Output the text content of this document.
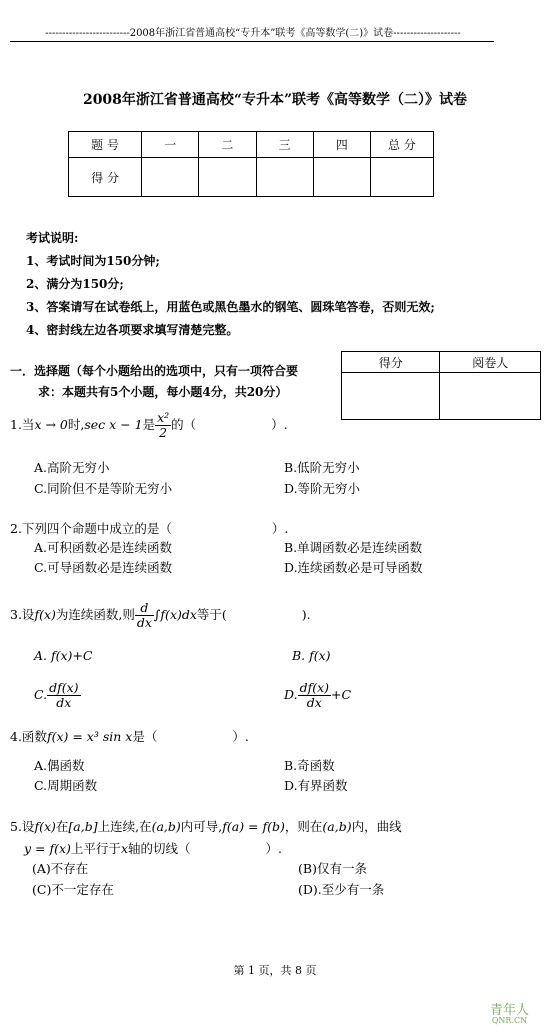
-------------------------2008年浙江省普通高校“专升本”联考《高等数学(二)》试卷--------------------
2008年浙江省普通高校“专升本”联考《高等数学（二）》试卷
题 号	一	二	三	四	总 分
得 分					
考试说明:
1、考试时间为150分钟;
2、满分为150分;
3、答案请写在试卷纸上，用蓝色或黑色墨水的钢笔、圆珠笔答卷，否则无效;
4、密封线左边各项要求填写清楚完整。
得分	阅卷人

一．选择题（每个小题给出的选项中，只有一项符合要
求：本题共有5个小题，每小题4分，共20分）
1.当x → 0时,sec x − 1是 $\frac{\text{x²}}{2}$ 的（　　　　　　）.
A.高阶无穷小	B.低阶无穷小
C.同阶但不是等阶无穷小	D.等阶无穷小
2.下列四个命题中成立的是（　　　　　　　　）.
A.可积函数必是连续函数	B.单调函数必是连续函数
C.可导函数必是连续函数	D.连续函数必是可导函数
3.设f(x)为连续函数,则 $\frac{d}{dx} \int f(x)dx$等于(　　　　　　).
A. f(x)+C	B. f(x)
C. $\frac{df(x)}{dx}$	D. $\frac{df(x)}{dx} +C$
4.函数f(x) = x³ sin x是（　　　　　　）.
A.偶函数	B.奇函数
C.周期函数	D.有界函数
5.设f(x)在[a,b]上连续,在(a,b)内可导,f(a) = f(b)，则在(a,b)内，曲线
y = f(x)上平行于x轴的切线（　　　　　　）.
(A)不存在	(B)仅有一条
(C)不一定存在	(D).至少有一条
第 1 页，共 8 页
青年人
QNR.CN
